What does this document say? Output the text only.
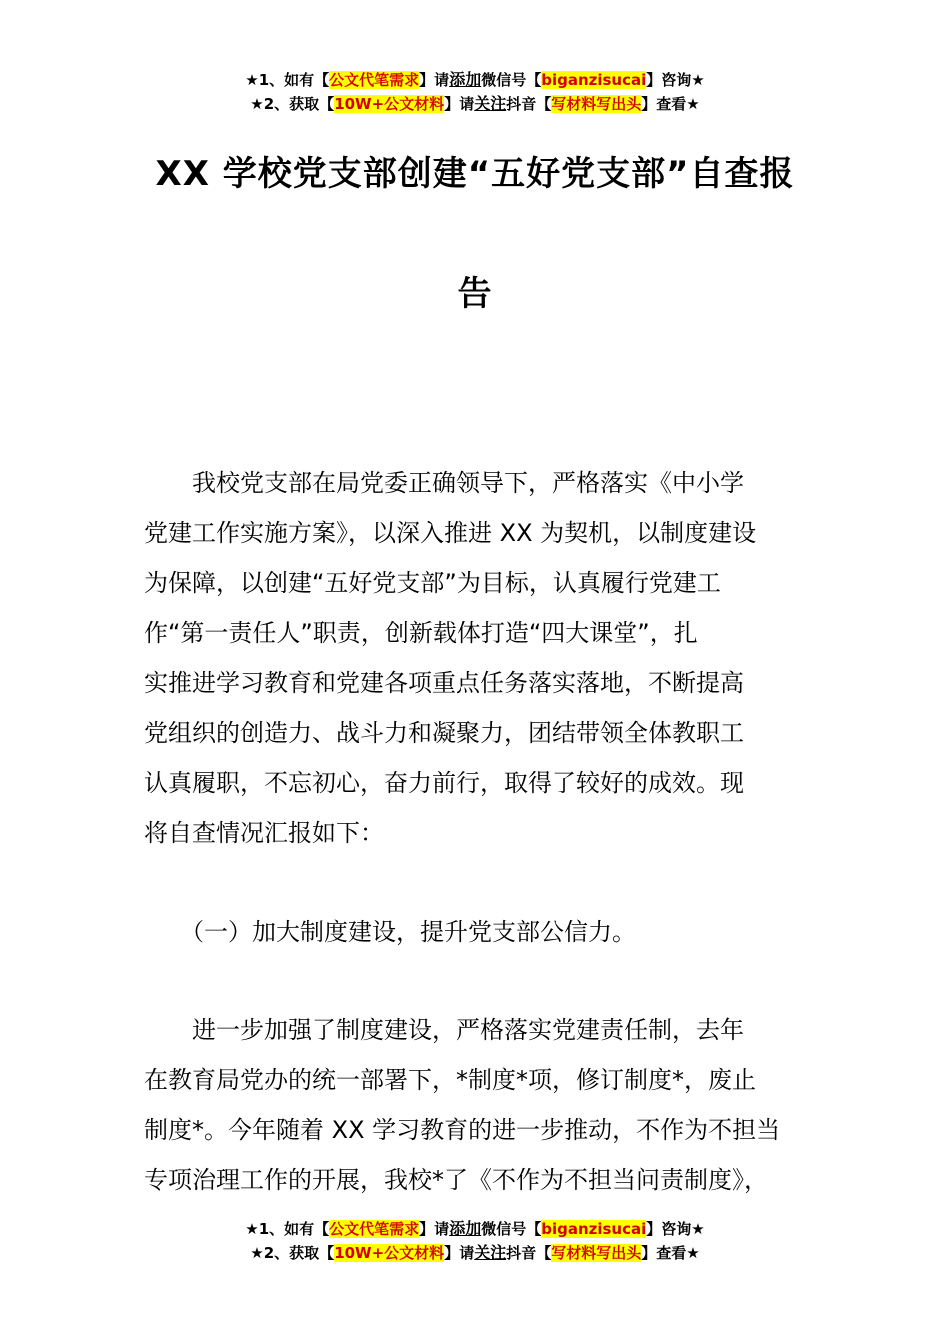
★1、如有【公文代笔需求】请添加微信号【biganzisucai】咨询★
★2、获取【10W+公文材料】请关注抖音【写材料写出头】查看★
XX 学校党支部创建“五好党支部”自查报
告
　　我校党支部在局党委正确领导下，严格落实《中小学
党建工作实施方案》，以深入推进 XX 为契机，以制度建设
为保障，以创建“五好党支部”为目标，认真履行党建工
作“第一责任人”职责，创新载体打造“四大课堂”，扎
实推进学习教育和党建各项重点任务落实落地，不断提高
党组织的创造力、战斗力和凝聚力，团结带领全体教职工
认真履职，不忘初心，奋力前行，取得了较好的成效。现
将自查情况汇报如下：
　　（一）加大制度建设，提升党支部公信力。
　　进一步加强了制度建设，严格落实党建责任制，去年
在教育局党办的统一部署下，*制度*项，修订制度*，废止
制度*。今年随着 XX 学习教育的进一步推动，不作为不担当
专项治理工作的开展，我校*了《不作为不担当问责制度》，
★1、如有【公文代笔需求】请添加微信号【biganzisucai】咨询★
★2、获取【10W+公文材料】请关注抖音【写材料写出头】查看★
